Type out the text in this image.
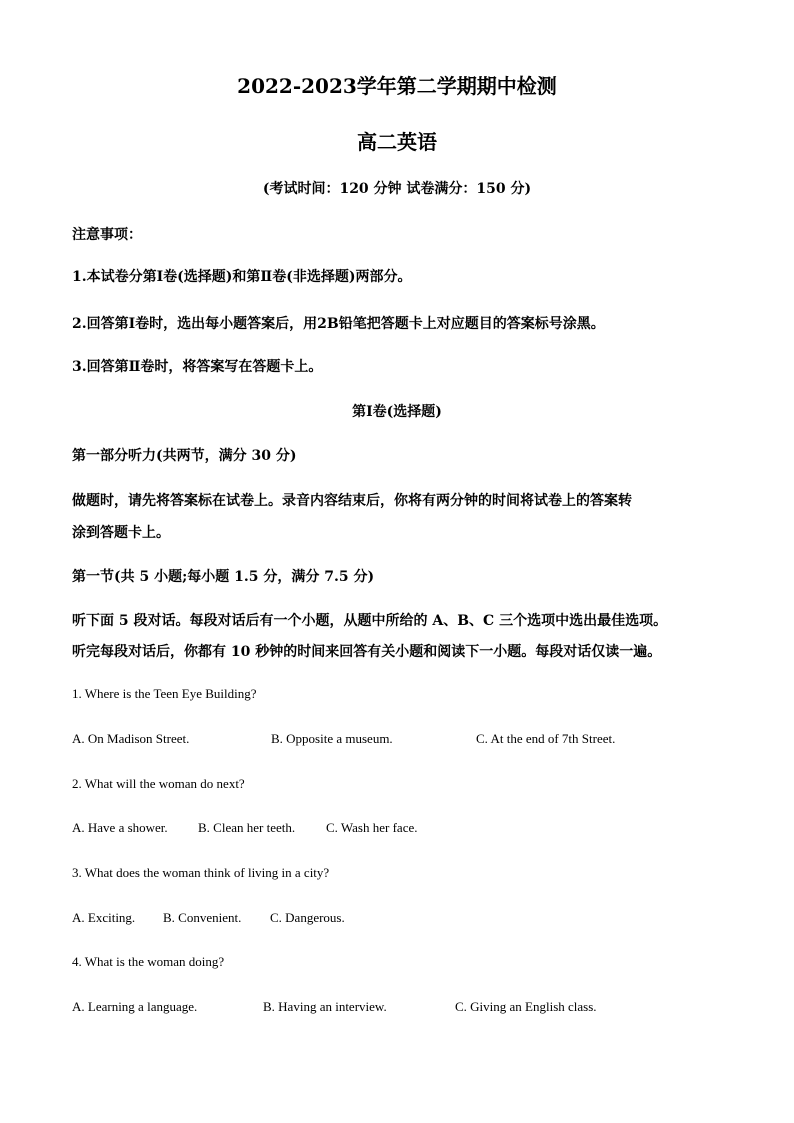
2022-2023学年第二学期期中检测
高二英语
(考试时间：120 分钟 试卷满分：150 分)
注意事项：
1.本试卷分第Ⅰ卷(选择题)和第Ⅱ卷(非选择题)两部分。
2.回答第Ⅰ卷时，选出每小题答案后，用2B铅笔把答题卡上对应题目的答案标号涂黑。
3.回答第Ⅱ卷时，将答案写在答题卡上。
第Ⅰ卷(选择题)
第一部分听力(共两节，满分 30 分)
做题时，请先将答案标在试卷上。录音内容结束后，你将有两分钟的时间将试卷上的答案转
涂到答题卡上。
第一节(共 5 小题;每小题 1.5 分，满分 7.5 分)
听下面 5 段对话。每段对话后有一个小题，从题中所给的 A、B、C 三个选项中选出最佳选项。
听完每段对话后，你都有 10 秒钟的时间来回答有关小题和阅读下一小题。每段对话仅读一遍。
1. Where is the Teen Eye Building?
A. On Madison Street.	B. Opposite a museum.	C. At the end of 7th Street.
2. What will the woman do next?
A. Have a shower. B. Clean her teeth. C. Wash her face.
3. What does the woman think of living in a city?
A. Exciting. B. Convenient. C. Dangerous.
4. What is the woman doing?
A. Learning a language.	B. Having an interview.	C. Giving an English class.
